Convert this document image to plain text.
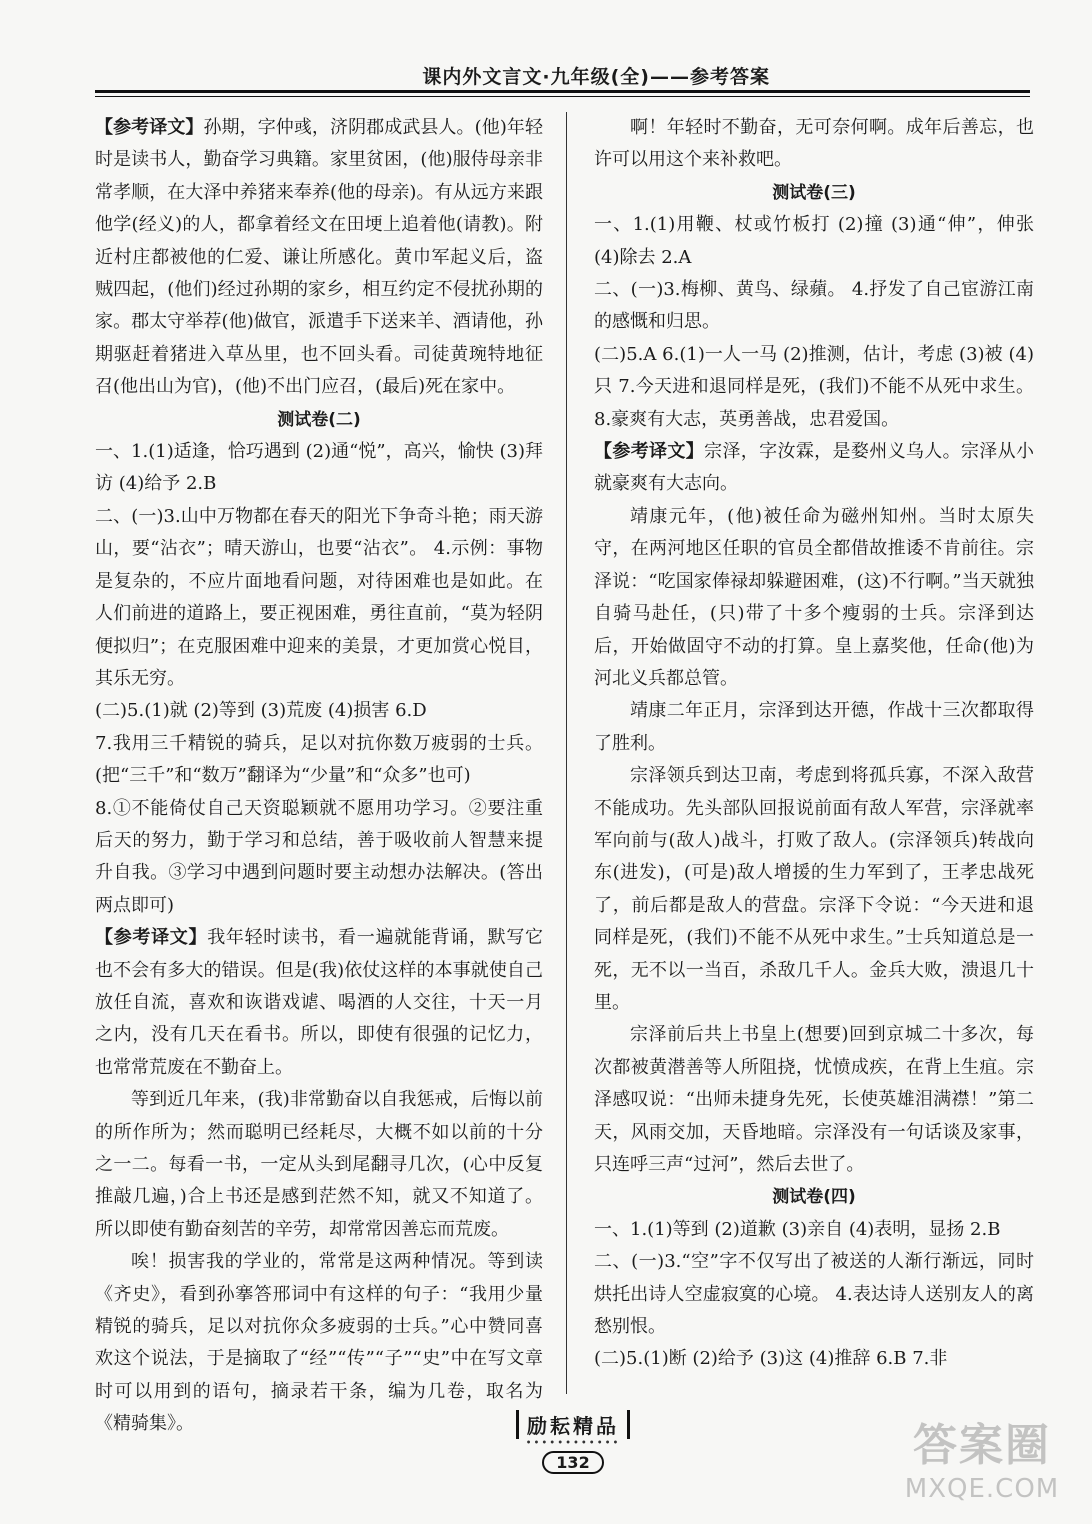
课内外文言文·九年级(全)——参考答案

【参考译文】孙期，字仲彧，济阴郡成武县人。(他)年轻时是读书人，勤奋学习典籍。家里贫困，(他)服侍母亲非常孝顺，在大泽中养猪来奉养(他的母亲)。有从远方来跟他学(经义)的人，都拿着经文在田埂上追着他(请教)。附近村庄都被他的仁爱、谦让所感化。黄巾军起义后，盗贼四起，(他们)经过孙期的家乡，相互约定不侵扰孙期的家。郡太守举荐(他)做官，派遣手下送来羊、酒请他，孙期驱赶着猪进入草丛里，也不回头看。司徒黄琬特地征召(他出山为官)，(他)不出门应召，(最后)死在家中。

测试卷(二)

一、1.(1)适逢，恰巧遇到 (2)通“悦”，高兴，愉快 (3)拜访 (4)给予 2.B

二、(一)3.山中万物都在春天的阳光下争奇斗艳；雨天游山，要“沾衣”；晴天游山，也要“沾衣”。 4.示例：事物是复杂的，不应片面地看问题，对待困难也是如此。在人们前进的道路上，要正视困难，勇往直前，“莫为轻阴便拟归”；在克服困难中迎来的美景，才更加赏心悦目，其乐无穷。

(二)5.(1)就 (2)等到 (3)荒废 (4)损害 6.D

7.我用三千精锐的骑兵，足以对抗你数万疲弱的士兵。(把“三千”和“数万”翻译为“少量”和“众多”也可)

8.①不能倚仗自己天资聪颖就不愿用功学习。②要注重后天的努力，勤于学习和总结，善于吸收前人智慧来提升自我。③学习中遇到问题时要主动想办法解决。(答出两点即可)

【参考译文】我年轻时读书，看一遍就能背诵，默写它也不会有多大的错误。但是(我)依仗这样的本事就使自己放任自流，喜欢和诙谐戏谑、喝酒的人交往，十天一月之内，没有几天在看书。所以，即使有很强的记忆力，也常常荒废在不勤奋上。

等到近几年来，(我)非常勤奋以自我惩戒，后悔以前的所作所为；然而聪明已经耗尽，大概不如以前的十分之一二。每看一书，一定从头到尾翻寻几次，(心中反复推敲几遍，)合上书还是感到茫然不知，就又不知道了。所以即使有勤奋刻苦的辛劳，却常常因善忘而荒废。

唉！损害我的学业的，常常是这两种情况。等到读《齐史》，看到孙搴答邢词中有这样的句子：“我用少量精锐的骑兵，足以对抗你众多疲弱的士兵。”心中赞同喜欢这个说法，于是摘取了“经”“传”“子”“史”中在写文章时可以用到的语句，摘录若干条，编为几卷，取名为《精骑集》。

啊！年轻时不勤奋，无可奈何啊。成年后善忘，也许可以用这个来补救吧。

测试卷(三)

一、1.(1)用鞭、杖或竹板打 (2)撞 (3)通“伸”，伸张 (4)除去 2.A

二、(一)3.梅柳、黄鸟、绿蘋。 4.抒发了自己宦游江南的感慨和归思。

(二)5.A 6.(1)一人一马 (2)推测，估计，考虑 (3)被 (4)只 7.今天进和退同样是死，(我们)不能不从死中求生。 8.豪爽有大志，英勇善战，忠君爱国。

【参考译文】宗泽，字汝霖，是婺州义乌人。宗泽从小就豪爽有大志向。

靖康元年，(他)被任命为磁州知州。当时太原失守，在两河地区任职的官员全都借故推诿不肯前往。宗泽说：“吃国家俸禄却躲避困难，(这)不行啊。”当天就独自骑马赴任，(只)带了十多个瘦弱的士兵。宗泽到达后，开始做固守不动的打算。皇上嘉奖他，任命(他)为河北义兵都总管。

靖康二年正月，宗泽到达开德，作战十三次都取得了胜利。

宗泽领兵到达卫南，考虑到将孤兵寡，不深入敌营不能成功。先头部队回报说前面有敌人军营，宗泽就率军向前与(敌人)战斗，打败了敌人。(宗泽领兵)转战向东(进发)，(可是)敌人增援的生力军到了，王孝忠战死了，前后都是敌人的营盘。宗泽下令说：“今天进和退同样是死，(我们)不能不从死中求生。”士兵知道总是一死，无不以一当百，杀敌几千人。金兵大败，溃退几十里。

宗泽前后共上书皇上(想要)回到京城二十多次，每次都被黄潜善等人所阻挠，忧愤成疾，在背上生疽。宗泽感叹说：“出师未捷身先死，长使英雄泪满襟！”第二天，风雨交加，天昏地暗。宗泽没有一句话谈及家事，只连呼三声“过河”，然后去世了。

测试卷(四)

一、1.(1)等到 (2)道歉 (3)亲自 (4)表明，显扬 2.B

二、(一)3.“空”字不仅写出了被送的人渐行渐远，同时烘托出诗人空虚寂寞的心境。 4.表达诗人送别友人的离愁别恨。

(二)5.(1)断 (2)给予 (3)这 (4)推辞 6.B 7.非

励耘精品
••••••••••••
132	答案圈
MXQE.COM
